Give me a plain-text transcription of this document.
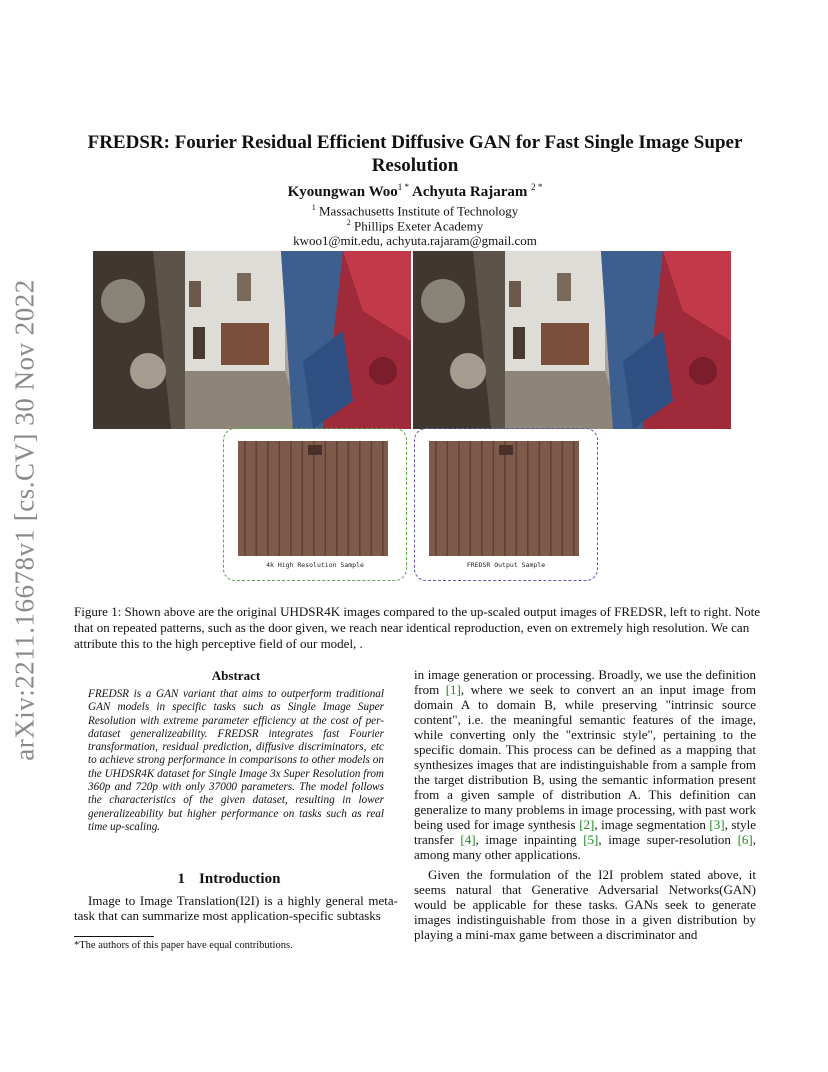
arXiv:2211.16678v1 [cs.CV] 30 Nov 2022
FREDSR: Fourier Residual Efficient Diffusive GAN for Fast Single Image Super Resolution
Kyoungwan Woo$^{1 *}$ Achyuta Rajaram $^{2 *}$
$^1$ Massachusetts Institute of Technology
$^2$ Phillips Exeter Academy
kwoo1@mit.edu, achyuta.rajaram@gmail.com
4k High Resolution Sample	FREDSR Output Sample
Figure 1: Shown above are the original UHDSR4K images compared to the up-scaled output images of FREDSR, left to right. Note that on repeated patterns, such as the door given, we reach near identical reproduction, even on extremely high resolution. We can attribute this to the high perceptive field of our model, .
Abstract
FREDSR is a GAN variant that aims to outperform traditional GAN models in specific tasks such as Single Image Super Resolution with extreme parameter efficiency at the cost of per-dataset generalizeability. FREDSR integrates fast Fourier transformation, residual prediction, diffusive discriminators, etc to achieve strong performance in comparisons to other models on the UHDSR4K dataset for Single Image 3x Super Resolution from 360p and 720p with only 37000 parameters. The model follows the characteristics of the given dataset, resulting in lower generalizeability but higher performance on tasks such as real time up-scaling.
1 Introduction
Image to Image Translation(I2I) is a highly general meta-task that can summarize most application-specific subtasks
*The authors of this paper have equal contributions.

in image generation or processing. Broadly, we use the definition from [1], where we seek to convert an an input image from domain A to domain B, while preserving "intrinsic source content", i.e. the meaningful semantic features of the image, while converting only the "extrinsic style", pertaining to the specific domain. This process can be defined as a mapping that synthesizes images that are indistinguishable from a sample from the target distribution B, using the semantic information present from a given sample of distribution A. This definition can generalize to many problems in image processing, with past work being used for image synthesis [2], image segmentation [3], style transfer [4], image inpainting [5], image super-resolution [6], among many other applications.

Given the formulation of the I2I problem stated above, it seems natural that Generative Adversarial Networks(GAN) would be applicable for these tasks. GANs seek to generate images indistinguishable from those in a given distribution by playing a mini-max game between a discriminator and
